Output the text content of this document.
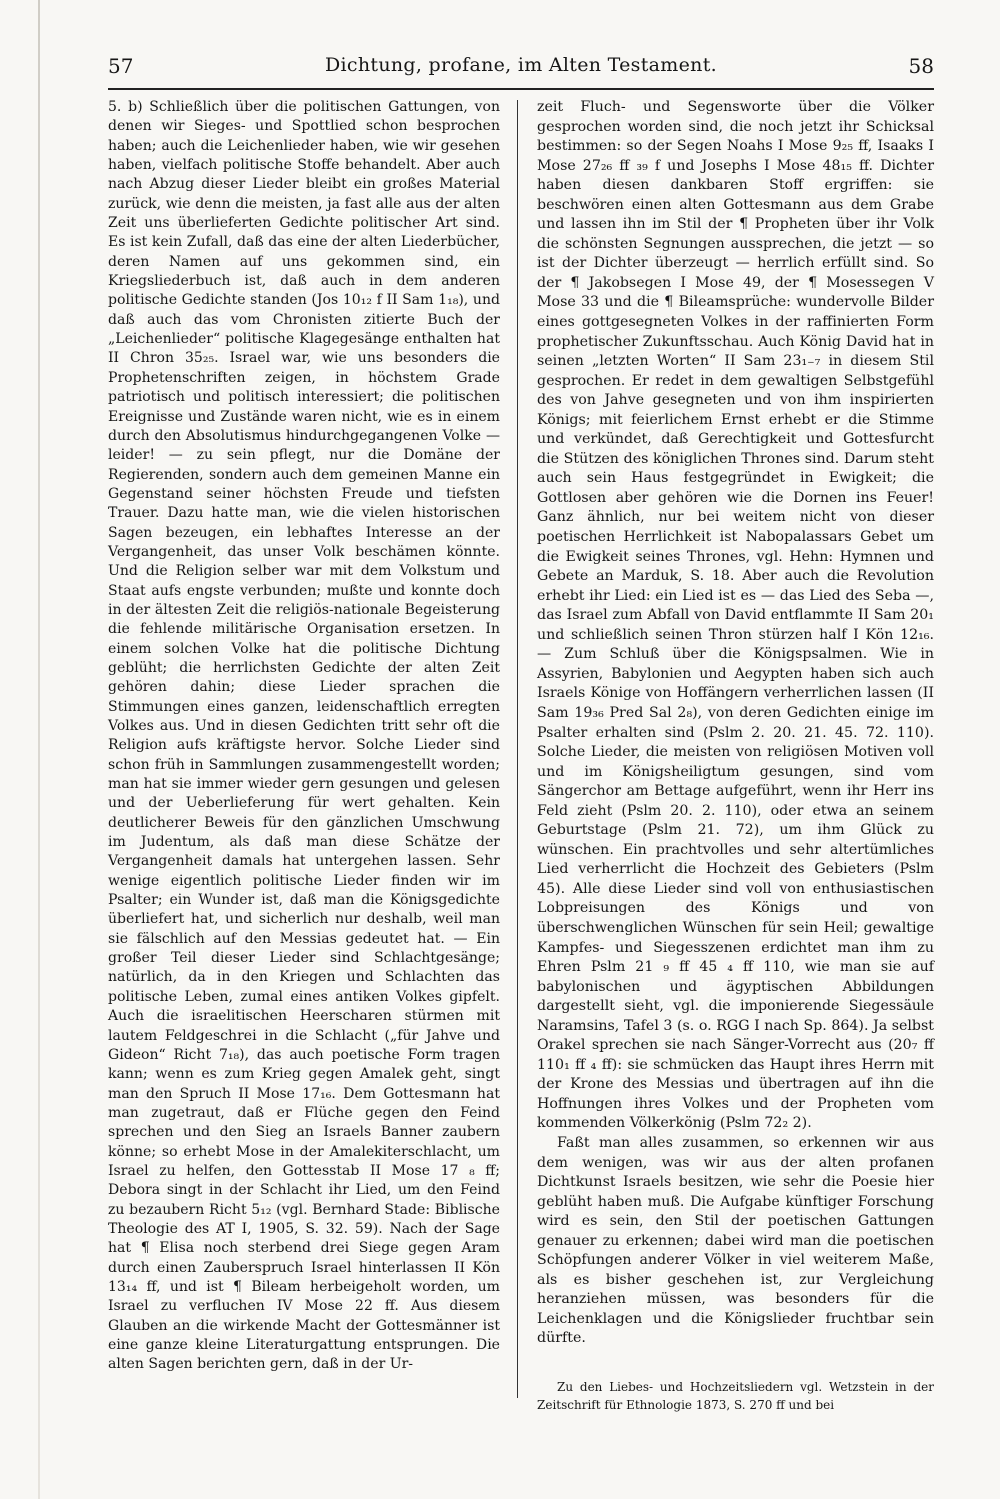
57	Dichtung, profane, im Alten Testament.	58

5. b) Schließlich über die politischen Gattungen, von denen wir Sieges- und Spottlied schon besprochen haben; auch die Leichenlieder haben, wie wir gesehen haben, vielfach politische Stoffe behandelt. Aber auch nach Abzug dieser Lieder bleibt ein großes Material zurück, wie denn die meisten, ja fast alle aus der alten Zeit uns überlieferten Gedichte politischer Art sind. Es ist kein Zufall, daß das eine der alten Liederbücher, deren Namen auf uns gekommen sind, ein Kriegsliederbuch ist, daß auch in dem anderen politische Gedichte standen (Jos 10₁₂ f II Sam 1₁₈), und daß auch das vom Chronisten zitierte Buch der „Leichenlieder“ politische Klagegesänge enthalten hat II Chron 35₂₅. Israel war, wie uns besonders die Prophetenschriften zeigen, in höchstem Grade patriotisch und politisch interessiert; die politischen Ereignisse und Zustände waren nicht, wie es in einem durch den Absolutismus hindurchgegangenen Volke — leider! — zu sein pflegt, nur die Domäne der Regierenden, sondern auch dem gemeinen Manne ein Gegenstand seiner höchsten Freude und tiefsten Trauer. Dazu hatte man, wie die vielen historischen Sagen bezeugen, ein lebhaftes Interesse an der Vergangenheit, das unser Volk beschämen könnte. Und die Religion selber war mit dem Volkstum und Staat aufs engste verbunden; mußte und konnte doch in der ältesten Zeit die religiös-nationale Begeisterung die fehlende militärische Organisation ersetzen. In einem solchen Volke hat die politische Dichtung geblüht; die herrlichsten Gedichte der alten Zeit gehören dahin; diese Lieder sprachen die Stimmungen eines ganzen, leidenschaftlich erregten Volkes aus. Und in diesen Gedichten tritt sehr oft die Religion aufs kräftigste hervor. Solche Lieder sind schon früh in Sammlungen zusammengestellt worden; man hat sie immer wieder gern gesungen und gelesen und der Ueberlieferung für wert gehalten. Kein deutlicherer Beweis für den gänzlichen Umschwung im Judentum, als daß man diese Schätze der Vergangenheit damals hat untergehen lassen. Sehr wenige eigentlich politische Lieder finden wir im Psalter; ein Wunder ist, daß man die Königsgedichte überliefert hat, und sicherlich nur deshalb, weil man sie fälschlich auf den Messias gedeutet hat. — Ein großer Teil dieser Lieder sind Schlachtgesänge; natürlich, da in den Kriegen und Schlachten das politische Leben, zumal eines antiken Volkes gipfelt. Auch die israelitischen Heerscharen stürmen mit lautem Feldgeschrei in die Schlacht („für Jahve und Gideon“ Richt 7₁₈), das auch poetische Form tragen kann; wenn es zum Krieg gegen Amalek geht, singt man den Spruch II Mose 17₁₆. Dem Gottesmann hat man zugetraut, daß er Flüche gegen den Feind sprechen und den Sieg an Israels Banner zaubern könne; so erhebt Mose in der Amalekiterschlacht, um Israel zu helfen, den Gottesstab II Mose 17 ₈ ff; Debora singt in der Schlacht ihr Lied, um den Feind zu bezaubern Richt 5₁₂ (vgl. Bernhard Stade: Biblische Theologie des AT I, 1905, S. 32. 59). Nach der Sage hat ¶ Elisa noch sterbend drei Siege gegen Aram durch einen Zauberspruch Israel hinterlassen II Kön 13₁₄ ff, und ist ¶ Bileam herbeigeholt worden, um Israel zu verfluchen IV Mose 22 ff. Aus diesem Glauben an die wirkende Macht der Gottesmänner ist eine ganze kleine Literaturgattung entsprungen. Die alten Sagen berichten gern, daß in der Ur-

zeit Fluch- und Segensworte über die Völker gesprochen worden sind, die noch jetzt ihr Schicksal bestimmen: so der Segen Noahs I Mose 9₂₅ ff, Isaaks I Mose 27₂₆ ff ₃₉ f und Josephs I Mose 48₁₅ ff. Dichter haben diesen dankbaren Stoff ergriffen: sie beschwören einen alten Gottesmann aus dem Grabe und lassen ihn im Stil der ¶ Propheten über ihr Volk die schönsten Segnungen aussprechen, die jetzt — so ist der Dichter überzeugt — herrlich erfüllt sind. So der ¶ Jakobsegen I Mose 49, der ¶ Mosessegen V Mose 33 und die ¶ Bileamsprüche: wundervolle Bilder eines gottgesegneten Volkes in der raffinierten Form prophetischer Zukunftsschau. Auch König David hat in seinen „letzten Worten“ II Sam 23₁₋₇ in diesem Stil gesprochen. Er redet in dem gewaltigen Selbstgefühl des von Jahve gesegneten und von ihm inspirierten Königs; mit feierlichem Ernst erhebt er die Stimme und verkündet, daß Gerechtigkeit und Gottesfurcht die Stützen des königlichen Thrones sind. Darum steht auch sein Haus festgegründet in Ewigkeit; die Gottlosen aber gehören wie die Dornen ins Feuer! Ganz ähnlich, nur bei weitem nicht von dieser poetischen Herrlichkeit ist Nabopalassars Gebet um die Ewigkeit seines Thrones, vgl. Hehn: Hymnen und Gebete an Marduk, S. 18. Aber auch die Revolution erhebt ihr Lied: ein Lied ist es — das Lied des Seba —, das Israel zum Abfall von David entflammte II Sam 20₁ und schließlich seinen Thron stürzen half I Kön 12₁₆. — Zum Schluß über die Königspsalmen. Wie in Assyrien, Babylonien und Aegypten haben sich auch Israels Könige von Hoffängern verherrlichen lassen (II Sam 19₃₆ Pred Sal 2₈), von deren Gedichten einige im Psalter erhalten sind (Pslm 2. 20. 21. 45. 72. 110). Solche Lieder, die meisten von religiösen Motiven voll und im Königsheiligtum gesungen, sind vom Sängerchor am Bettage aufgeführt, wenn ihr Herr ins Feld zieht (Pslm 20. 2. 110), oder etwa an seinem Geburtstage (Pslm 21. 72), um ihm Glück zu wünschen. Ein prachtvolles und sehr altertümliches Lied verherrlicht die Hochzeit des Gebieters (Pslm 45). Alle diese Lieder sind voll von enthusiastischen Lobpreisungen des Königs und von überschwenglichen Wünschen für sein Heil; gewaltige Kampfes- und Siegesszenen erdichtet man ihm zu Ehren Pslm 21 ₉ ff 45 ₄ ff 110, wie man sie auf babylonischen und ägyptischen Abbildungen dargestellt sieht, vgl. die imponierende Siegessäule Naramsins, Tafel 3 (s. o. RGG I nach Sp. 864). Ja selbst Orakel sprechen sie nach Sänger-Vorrecht aus (20₇ ff 110₁ ff ₄ ff): sie schmücken das Haupt ihres Herrn mit der Krone des Messias und übertragen auf ihn die Hoffnungen ihres Volkes und der Propheten vom kommenden Völkerkönig (Pslm 72₂ 2).

Faßt man alles zusammen, so erkennen wir aus dem wenigen, was wir aus der alten profanen Dichtkunst Israels besitzen, wie sehr die Poesie hier geblüht haben muß. Die Aufgabe künftiger Forschung wird es sein, den Stil der poetischen Gattungen genauer zu erkennen; dabei wird man die poetischen Schöpfungen anderer Völker in viel weiterem Maße, als es bisher geschehen ist, zur Vergleichung heranziehen müssen, was besonders für die Leichenklagen und die Königslieder fruchtbar sein dürfte.

Zu den Liebes- und Hochzeitsliedern vgl. Wetzstein in der Zeitschrift für Ethnologie 1873, S. 270 ff und bei
